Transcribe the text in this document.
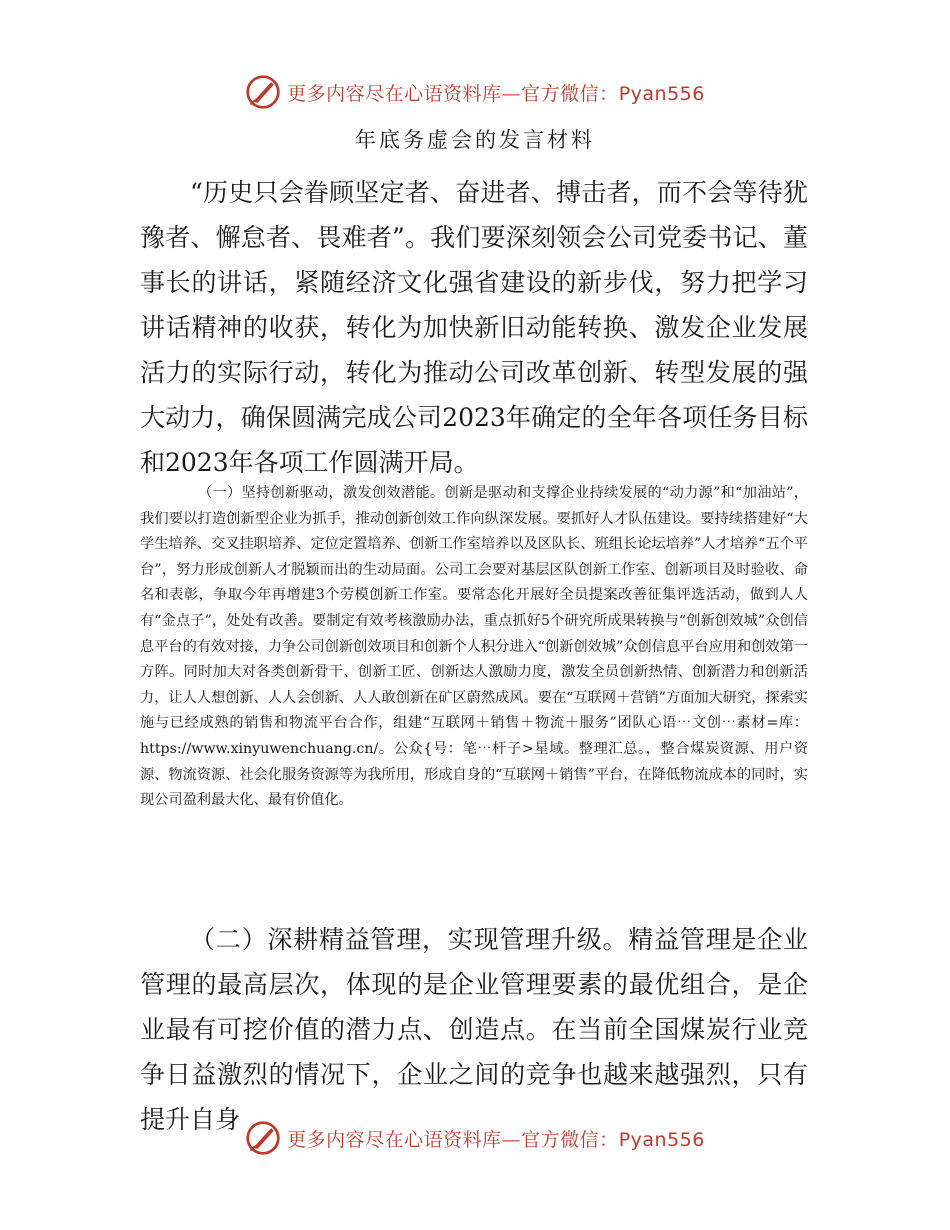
更多内容尽在心语资料库—官方微信：Pyan556
年底务虚会的发言材料

“历史只会眷顾坚定者、奋进者、搏击者，而不会等待犹豫者、懈怠者、畏难者”。我们要深刻领会公司党委书记、董事长的讲话，紧随经济文化强省建设的新步伐，努力把学习讲话精神的收获，转化为加快新旧动能转换、激发企业发展活力的实际行动，转化为推动公司改革创新、转型发展的强大动力，确保圆满完成公司2023年确定的全年各项任务目标和2023年各项工作圆满开局。

（一）坚持创新驱动，激发创效潜能。创新是驱动和支撑企业持续发展的“动力源”和“加油站”，我们要以打造创新型企业为抓手，推动创新创效工作向纵深发展。要抓好人才队伍建设。要持续搭建好“大学生培养、交叉挂职培养、定位定置培养、创新工作室培养以及区队长、班组长论坛培养”人才培养“五个平台”，努力形成创新人才脱颖而出的生动局面。公司工会要对基层区队创新工作室、创新项目及时验收、命名和表彰，争取今年再增建3个劳模创新工作室。要常态化开展好全员提案改善征集评选活动，做到人人有“金点子”，处处有改善。要制定有效考核激励办法，重点抓好5个研究所成果转换与“创新创效城”众创信息平台的有效对接，力争公司创新创效项目和创新个人积分进入“创新创效城”众创信息平台应用和创效第一方阵。同时加大对各类创新骨干、创新工匠、创新达人激励力度，激发全员创新热情、创新潜力和创新活力，让人人想创新、人人会创新、人人敢创新在矿区蔚然成风。要在“互联网＋营销”方面加大研究，探索实施与已经成熟的销售和物流平台合作，组建“互联网＋销售＋物流＋服务”团队心语⋯文创⋯素材=库：https://www.xinyuwenchuang.cn/。公众{号：笔⋯杆子>星域。整理汇总。，整合煤炭资源、用户资源、物流资源、社会化服务资源等为我所用，形成自身的“互联网＋销售”平台，在降低物流成本的同时，实现公司盈利最大化、最有价值化。

（二）深耕精益管理，实现管理升级。精益管理是企业管理的最高层次，体现的是企业管理要素的最优组合，是企业最有可挖价值的潜力点、创造点。在当前全国煤炭行业竞争日益激烈的情况下，企业之间的竞争也越来越强烈，只有提升自身

更多内容尽在心语资料库—官方微信：Pyan556
